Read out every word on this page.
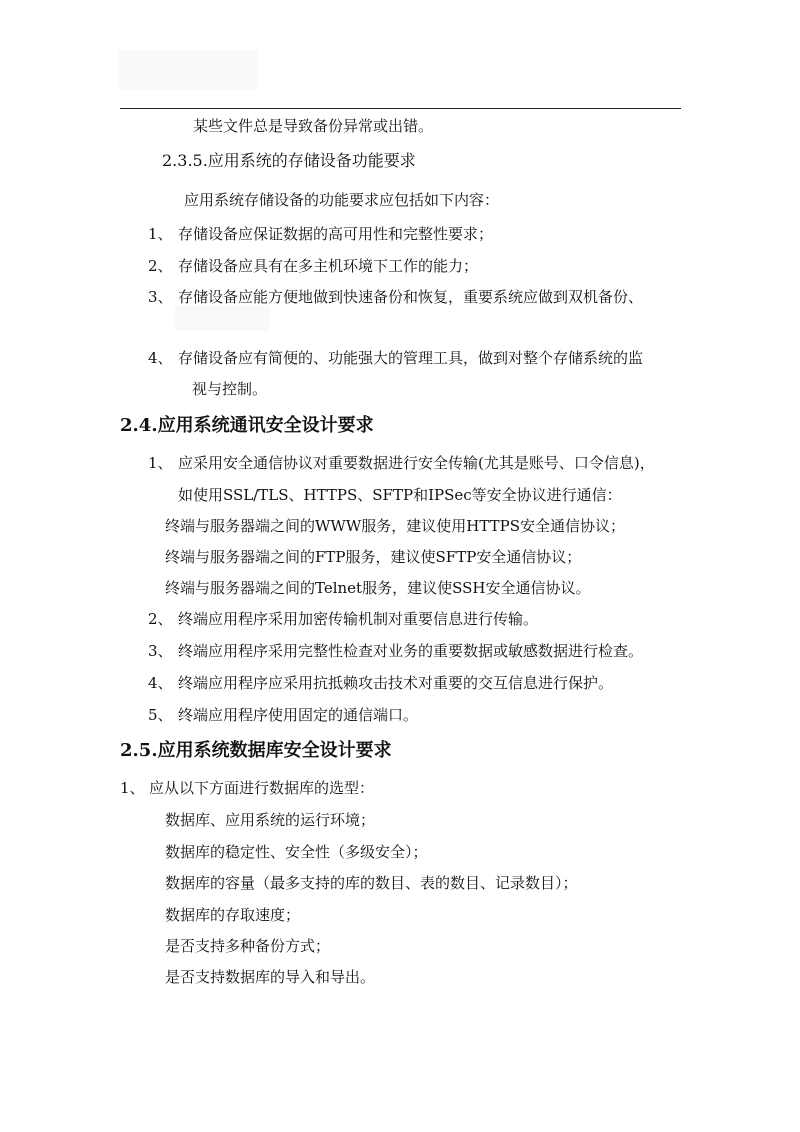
某些文件总是导致备份异常或出错。
2.3.5.应用系统的存储设备功能要求
应用系统存储设备的功能要求应包括如下内容：
1、 存储设备应保证数据的高可用性和完整性要求；
2、 存储设备应具有在多主机环境下工作的能力；
3、 存储设备应能方便地做到快速备份和恢复，重要系统应做到双机备份、
4、 存储设备应有简便的、功能强大的管理工具，做到对整个存储系统的监
视与控制。
2.4.应用系统通讯安全设计要求
1、 应采用安全通信协议对重要数据进行安全传输(尤其是账号、口令信息)，
如使用SSL/TLS、HTTPS、SFTP和IPSec等安全协议进行通信：
终端与服务器端之间的WWW服务，建议使用HTTPS安全通信协议；
终端与服务器端之间的FTP服务，建议使SFTP安全通信协议；
终端与服务器端之间的Telnet服务，建议使SSH安全通信协议。
2、 终端应用程序采用加密传输机制对重要信息进行传输。
3、 终端应用程序采用完整性检查对业务的重要数据或敏感数据进行检查。
4、 终端应用程序应采用抗抵赖攻击技术对重要的交互信息进行保护。
5、 终端应用程序使用固定的通信端口。
2.5.应用系统数据库安全设计要求
1、 应从以下方面进行数据库的选型：
数据库、应用系统的运行环境；
数据库的稳定性、安全性（多级安全）；
数据库的容量（最多支持的库的数目、表的数目、记录数目）；
数据库的存取速度；
是否支持多种备份方式；
是否支持数据库的导入和导出。
